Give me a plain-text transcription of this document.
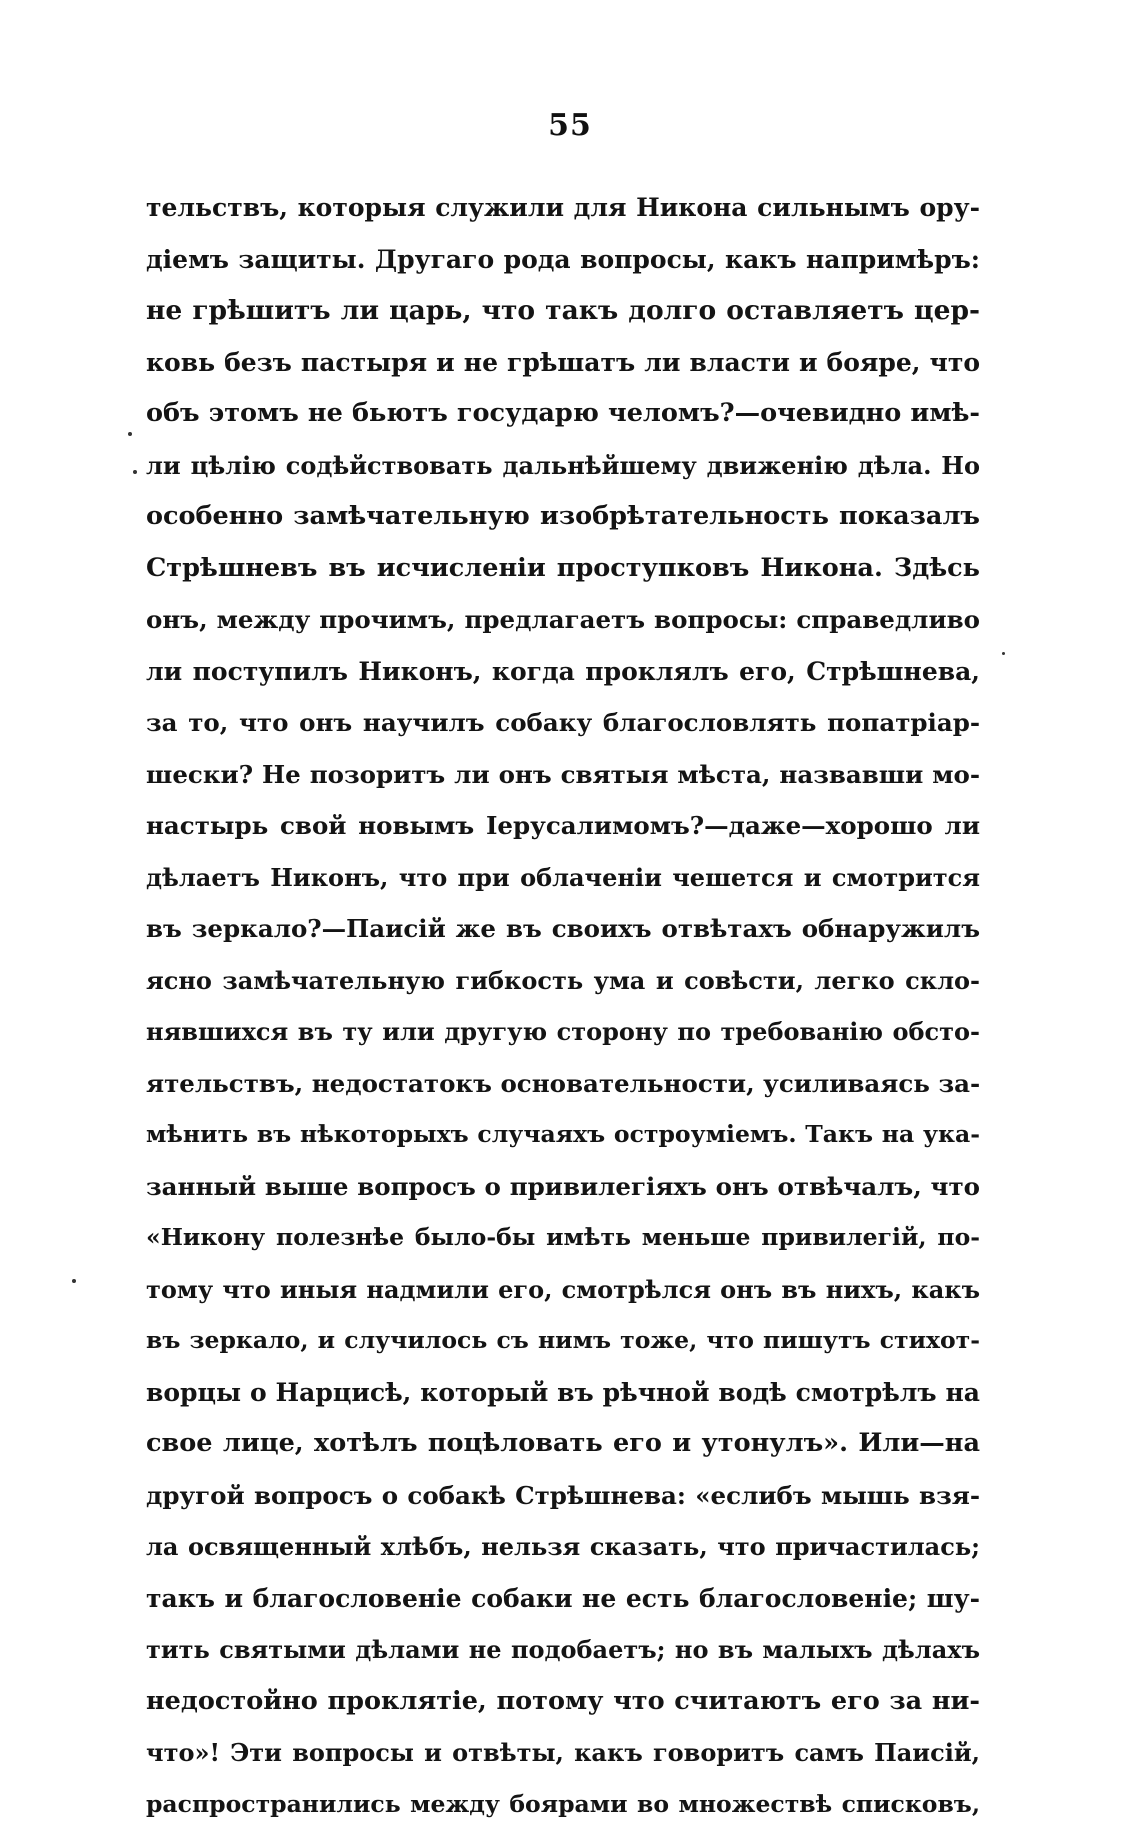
55
тельствъ, которыя служили для Никона сильнымъ ору-
дiемъ защиты. Другаго рода вопросы, какъ напримѣръ:
не грѣшитъ ли царь, что такъ долго оставляетъ цер-
ковь безъ пастыря и не грѣшатъ ли власти и бояре, что
объ этомъ не бьютъ государю челомъ?—очевидно имѣ-
ли цѣлiю содѣйствовать дальнѣйшему движенiю дѣла. Но
особенно замѣчательную изобрѣтательность показалъ
Стрѣшневъ въ исчисленiи проступковъ Никона. Здѣсь
онъ, между прочимъ, предлагаетъ вопросы: справедливо
ли поступилъ Никонъ, когда проклялъ его, Стрѣшнева,
за то, что онъ научилъ собаку благословлять попатрiар-
шески? Не позоритъ ли онъ святыя мѣста, назвавши мо-
настырь свой новымъ Iерусалимомъ?—даже—хорошо ли
дѣлаетъ Никонъ, что при облаченiи чешется и смотрится
въ зеркало?—Паисiй же въ своихъ отвѣтахъ обнаружилъ
ясно замѣчательную гибкость ума и совѣсти, легко скло-
нявшихся въ ту или другую сторону по требованiю обсто-
ятельствъ, недостатокъ основательности, усиливаясь за-
мѣнить въ нѣкоторыхъ случаяхъ остроумiемъ. Такъ на ука-
занный выше вопросъ о привилегiяхъ онъ отвѣчалъ, что
«Никону полезнѣе было-бы имѣть меньше привилегiй, по-
тому что иныя надмили его, смотрѣлся онъ въ нихъ, какъ
въ зеркало, и случилось съ нимъ тоже, что пишутъ стихот-
ворцы о Нарцисѣ, который въ рѣчной водѣ смотрѣлъ на
свое лице, хотѣлъ поцѣловать его и утонулъ». Или—на
другой вопросъ о собакѣ Стрѣшнева: «еслибъ мышь взя-
ла освященный хлѣбъ, нельзя сказать, что причастилась;
такъ и благословенiе собаки не есть благословенiе; шу-
тить святыми дѣлами не подобаетъ; но въ малыхъ дѣлахъ
недостойно проклятiе, потому что считаютъ его за ни-
что»! Эти вопросы и отвѣты, какъ говоритъ самъ Паисiй,
распространились между боярами во множествѣ списковъ,
